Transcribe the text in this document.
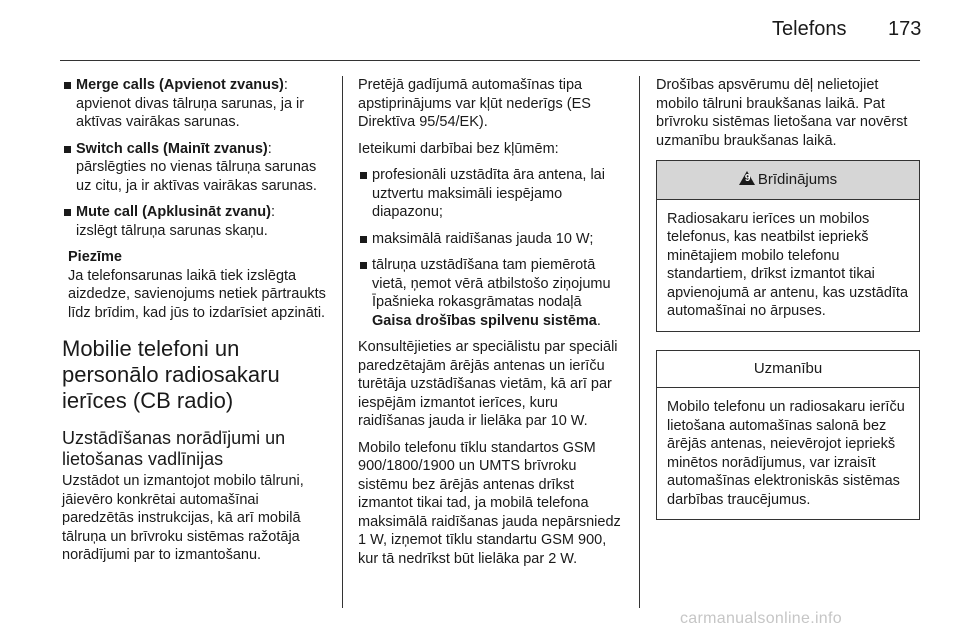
Telefons 173
Merge calls (Apvienot zvanus):
apvienot divas tālruņa sarunas, ja ir aktīvas vairākas sarunas.
Switch calls (Mainīt zvanus):
pārslēgties no vienas tālruņa sarunas uz citu, ja ir aktīvas vairākas sarunas.
Mute call (Apklusināt zvanu):
izslēgt tālruņa sarunas skaņu.
Piezīme
Ja telefonsarunas laikā tiek izslēgta aizdedze, savienojums netiek pārtraukts līdz brīdim, kad jūs to izdarīsiet apzināti.
Mobilie telefoni un personālo radiosakaru ierīces (CB radio)
Uzstādīšanas norādījumi un lietošanas vadlīnijas

Uzstādot un izmantojot mobilo tālruni, jāievēro konkrētai automašīnai paredzētās instrukcijas, kā arī mobilā tālruņa un brīvroku sistēmas ražotāja norādījumi par to izmantošanu.

Pretējā gadījumā automašīnas tipa apstiprinājums var kļūt nederīgs (ES Direktīva 95/54/EK).

Ieteikumi darbībai bez kļūmēm:

profesionāli uzstādīta āra antena, lai uztvertu maksimāli iespējamo diapazonu;
maksimālā raidīšanas jauda 10 W;
tālruņa uzstādīšana tam piemērotā vietā, ņemot vērā atbilstošo ziņojumu Īpašnieka rokasgrāmatas nodaļā Gaisa drošības spilvenu sistēma.

Konsultējieties ar speciālistu par speciāli paredzētajām ārējās antenas un ierīču turētāja uzstādīšanas vietām, kā arī par iespējām izmantot ierīces, kuru raidīšanas jauda ir lielāka par 10 W.

Mobilo telefonu tīklu standartos GSM 900/1800/1900 un UMTS brīvroku sistēmu bez ārējās antenas drīkst izmantot tikai tad, ja mobilā telefona maksimālā raidīšanas jauda nepārsniedz 1 W, izņemot tīklu standartu GSM 900, kur tā nedrīkst būt lielāka par 2 W.

Drošības apsvērumu dēļ nelietojiet mobilo tālruni braukšanas laikā. Pat brīvroku sistēmas lietošana var novērst uzmanību braukšanas laikā.

9 Brīdinājums
Radiosakaru ierīces un mobilos telefonus, kas neatbilst iepriekš minētajiem mobilo telefonu standartiem, drīkst izmantot tikai apvienojumā ar antenu, kas uzstādīta automašīnai no ārpuses.
Uzmanību
Mobilo telefonu un radiosakaru ierīču lietošana automašīnas salonā bez ārējās antenas, neievērojot iepriekš minētos norādījumus, var izraisīt automašīnas elektroniskās sistēmas darbības traucējumus.
carmanualsonline.info
